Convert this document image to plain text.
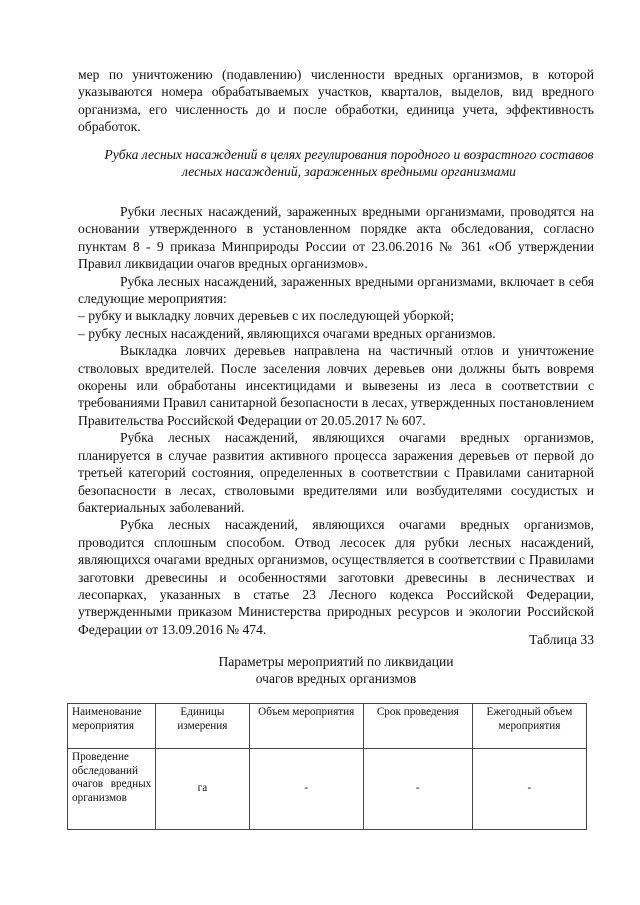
мер по уничтожению (подавлению) численности вредных организмов, в которой указываются номера обрабатываемых участков, кварталов, выделов, вид вредного организма, его численность до и после обработки, единица учета, эффективность обработок.

Рубка лесных насаждений в целях регулирования породного и возрастного составов лесных насаждений, зараженных вредными организмами

Рубки лесных насаждений, зараженных вредными организмами, проводятся на основании утвержденного в установленном порядке акта обследования, согласно пунктам 8 - 9 приказа Минприроды России от 23.06.2016 № 361 «Об утверждении Правил ликвидации очагов вредных организмов».

Рубка лесных насаждений, зараженных вредными организмами, включает в себя следующие мероприятия:

– рубку и выкладку ловчих деревьев с их последующей уборкой;

– рубку лесных насаждений, являющихся очагами вредных организмов.

Выкладка ловчих деревьев направлена на частичный отлов и уничтожение стволовых вредителей. После заселения ловчих деревьев они должны быть вовремя окорены или обработаны инсектицидами и вывезены из леса в соответствии с требованиями Правил санитарной безопасности в лесах, утвержденных постановлением Правительства Российской Федерации от 20.05.2017 № 607.

Рубка лесных насаждений, являющихся очагами вредных организмов, планируется в случае развития активного процесса заражения деревьев от первой до третьей категорий состояния, определенных в соответствии с Правилами санитарной безопасности в лесах, стволовыми вредителями или возбудителями сосудистых и бактериальных заболеваний.

Рубка лесных насаждений, являющихся очагами вредных организмов, проводится сплошным способом. Отвод лесосек для рубки лесных насаждений, являющихся очагами вредных организмов, осуществляется в соответствии с Правилами заготовки древесины и особенностями заготовки древесины в лесничествах и лесопарках, указанных в статье 23 Лесного кодекса Российской Федерации, утвержденными приказом Министерства природных ресурсов и экологии Российской Федерации от 13.09.2016 № 474.

Таблица 33

Параметры мероприятий по ликвидации
очагов вредных организмов
Наименование мероприятия	Единицы измерения	Объем мероприятия	Срок проведения	Ежегодный объем мероприятия
Проведение обследований очагов вредных организмов	га	-	-	-
